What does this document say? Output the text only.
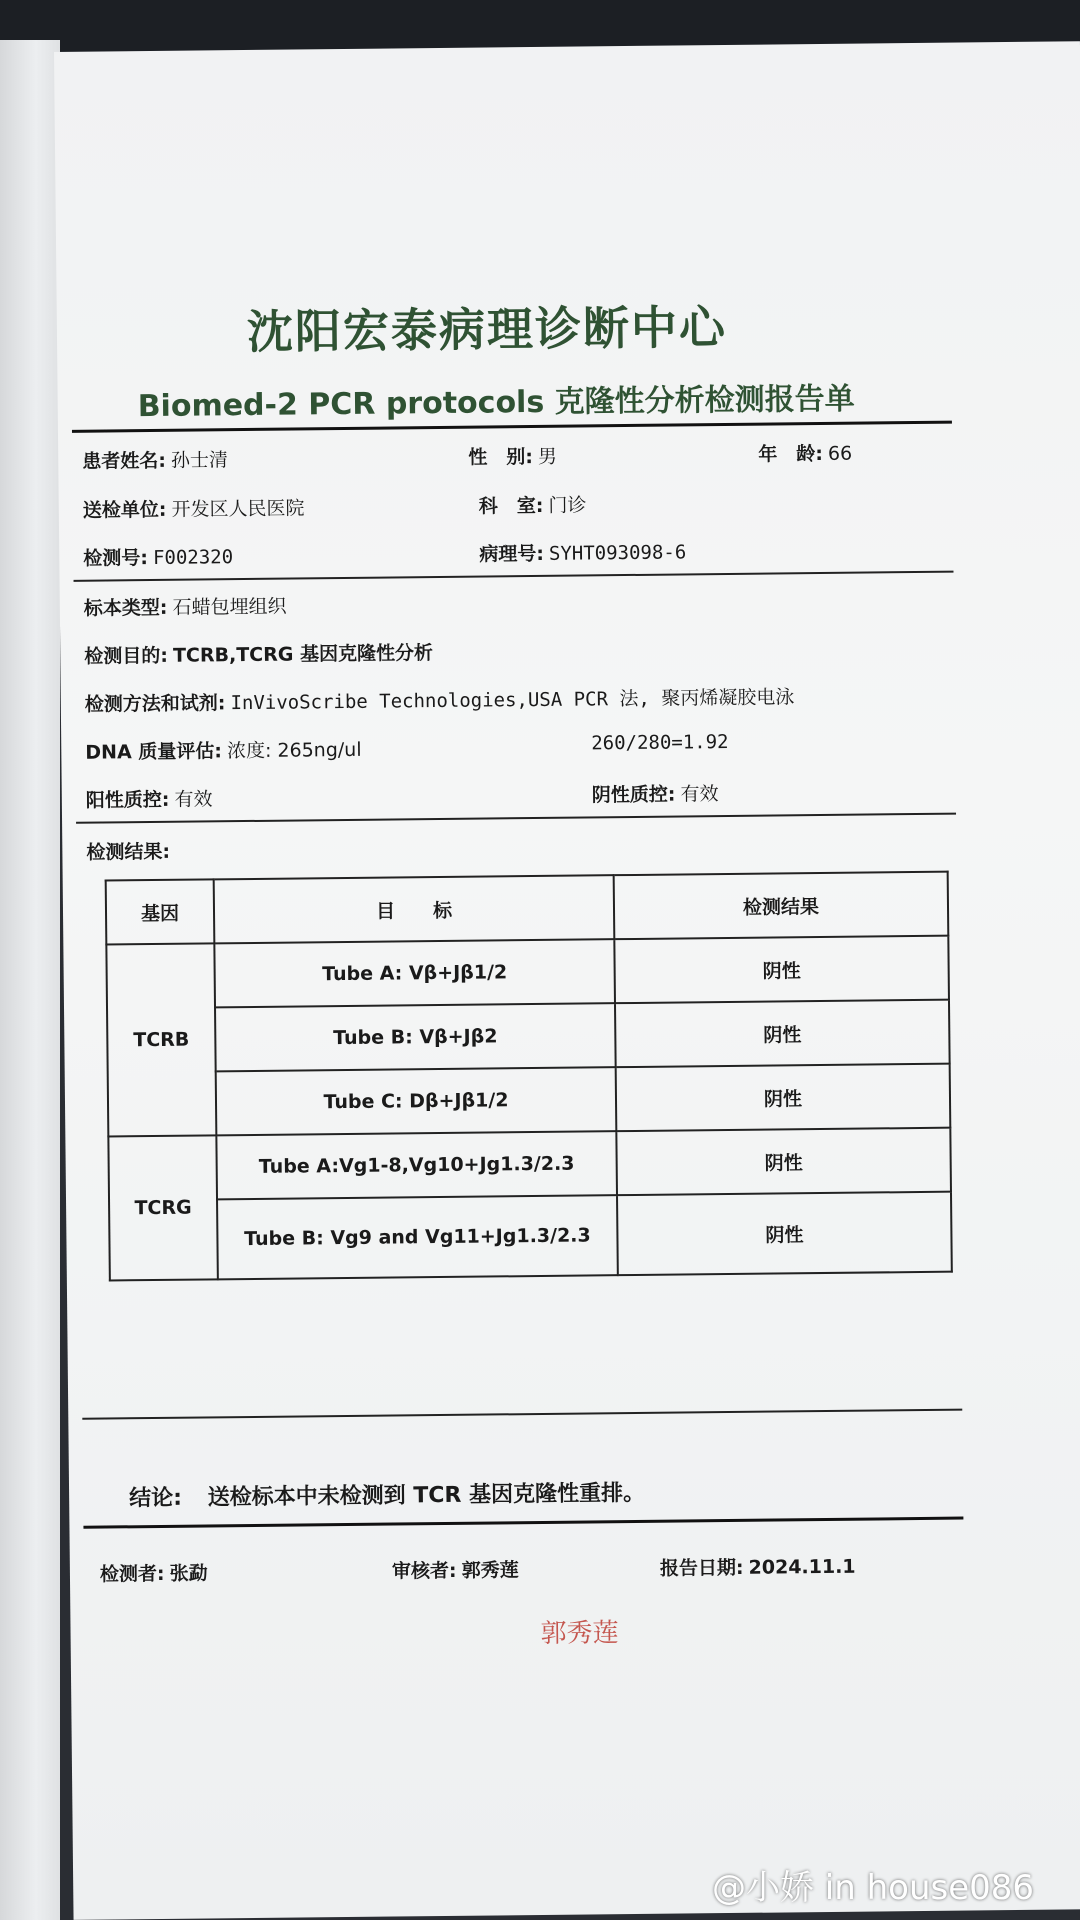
沈阳宏泰病理诊断中心
Biomed-2 PCR protocols 克隆性分析检测报告单
患者姓名: 孙士清	性　别: 男	年　龄: 66
送检单位: 开发区人民医院	科　室: 门诊
检测号: F002320	病理号: SYHT093098-6
标本类型: 石蜡包埋组织
检测目的: TCRB,TCRG 基因克隆性分析
检测方法和试剂: InVivoScribe Technologies,USA PCR 法, 聚丙烯凝胶电泳
DNA 质量评估: 浓度: 265ng/ul	260/280=1.92
阳性质控: 有效	阴性质控: 有效
检测结果:
基因	目　　标	检测结果
TCRB	Tube A: Vβ+Jβ1/2	阴性
	Tube B: Vβ+Jβ2	阴性
	Tube C: Dβ+Jβ1/2	阴性
TCRG	Tube A:Vg1-8,Vg10+Jg1.3/2.3	阴性
	Tube B: Vg9 and Vg11+Jg1.3/2.3	阴性
结论: 送检标本中未检测到 TCR 基因克隆性重排。
检测者: 张勐	审核者: 郭秀莲	报告日期: 2024.11.1
郭秀莲
@小娇 in house086
